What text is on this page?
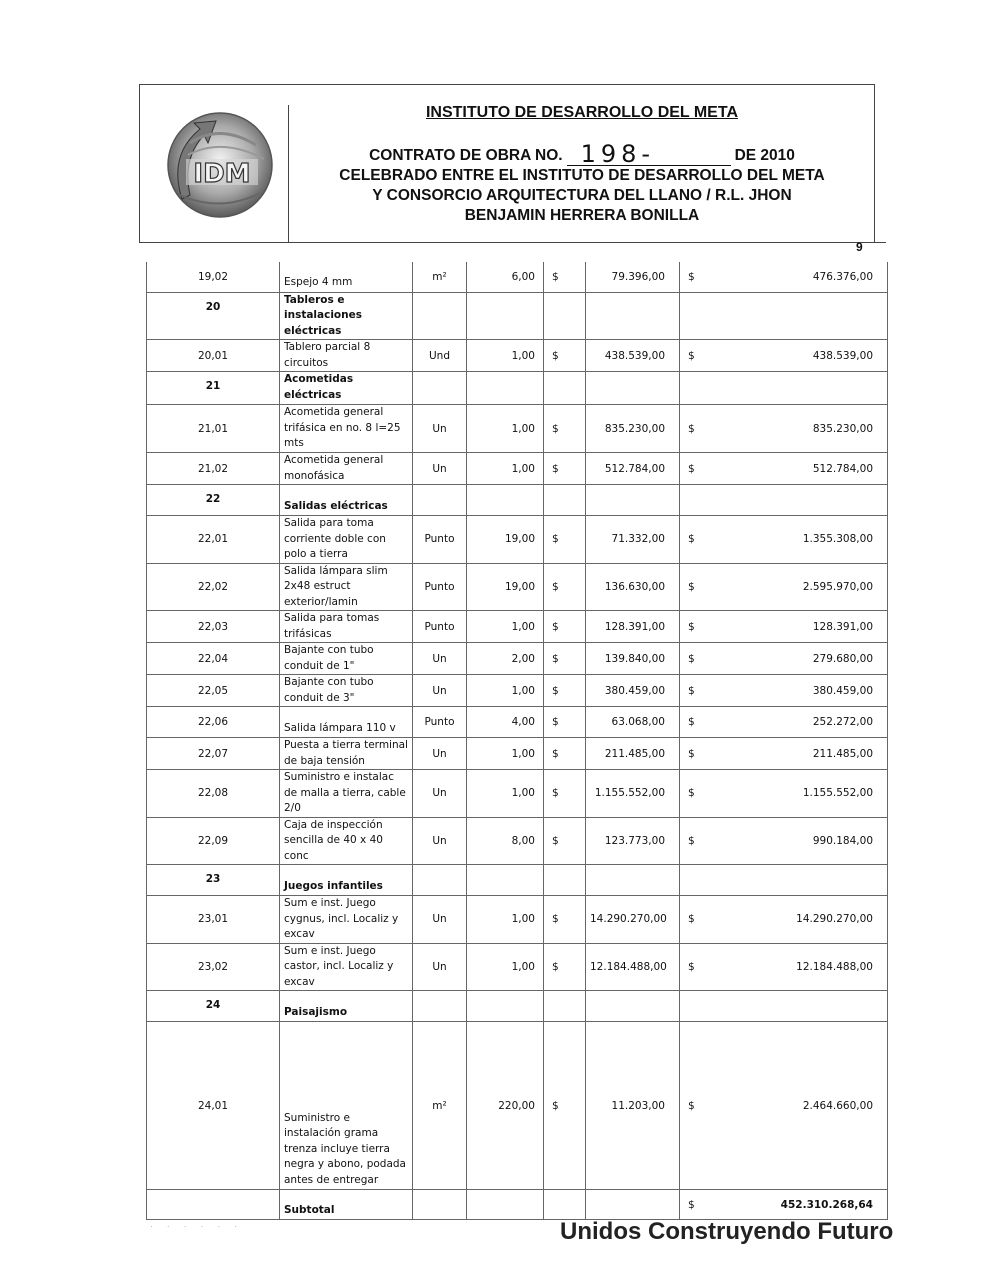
IDM
INSTITUTO DE DESARROLLO DEL META
CONTRATO DE OBRA NO. 198-	DE 2010
CELEBRADO ENTRE EL INSTITUTO DE DESARROLLO DEL META
Y CONSORCIO ARQUITECTURA DEL LLANO / R.L. JHON
BENJAMIN HERRERA BONILLA
9
19,02	Espejo 4 mm	m²	6,00	$	79.396,00	$	476.376,00
20	Tableros e instalaciones eléctricas						
20,01	Tablero parcial 8 circuitos	Und	1,00	$	438.539,00	$	438.539,00
21	Acometidas eléctricas						
21,01	Acometida general trifásica en no. 8 l=25 mts	Un	1,00	$	835.230,00	$	835.230,00
21,02	Acometida general monofásica	Un	1,00	$	512.784,00	$	512.784,00
22	Salidas eléctricas						
22,01	Salida para toma corriente doble con polo a tierra	Punto	19,00	$	71.332,00	$	1.355.308,00
22,02	Salida lámpara slim 2x48 estruct exterior/lamin	Punto	19,00	$	136.630,00	$	2.595.970,00
22,03	Salida para tomas trifásicas	Punto	1,00	$	128.391,00	$	128.391,00
22,04	Bajante con tubo conduit de 1"	Un	2,00	$	139.840,00	$	279.680,00
22,05	Bajante con tubo conduit de 3"	Un	1,00	$	380.459,00	$	380.459,00
22,06	Salida lámpara 110 v	Punto	4,00	$	63.068,00	$	252.272,00
22,07	Puesta a tierra terminal de baja tensión	Un	1,00	$	211.485,00	$	211.485,00
22,08	Suministro e instalac de malla a tierra, cable 2/0	Un	1,00	$	1.155.552,00	$	1.155.552,00
22,09	Caja de inspección sencilla de 40 x 40 conc	Un	8,00	$	123.773,00	$	990.184,00
23	Juegos infantiles						
23,01	Sum e inst. Juego cygnus, incl. Localiz y excav	Un	1,00	$	14.290.270,00	$	14.290.270,00
23,02	Sum e inst. Juego castor, incl. Localiz y excav	Un	1,00	$	12.184.488,00	$	12.184.488,00
24	Paisajismo						
24,01	Suministro e instalación grama trenza incluye tierra negra y abono, podada antes de entregar	m²	220,00	$	11.203,00	$	2.464.660,00
	Subtotal					$	452.310.268,64
· · · · · ·	Unidos Construyendo Futuro
